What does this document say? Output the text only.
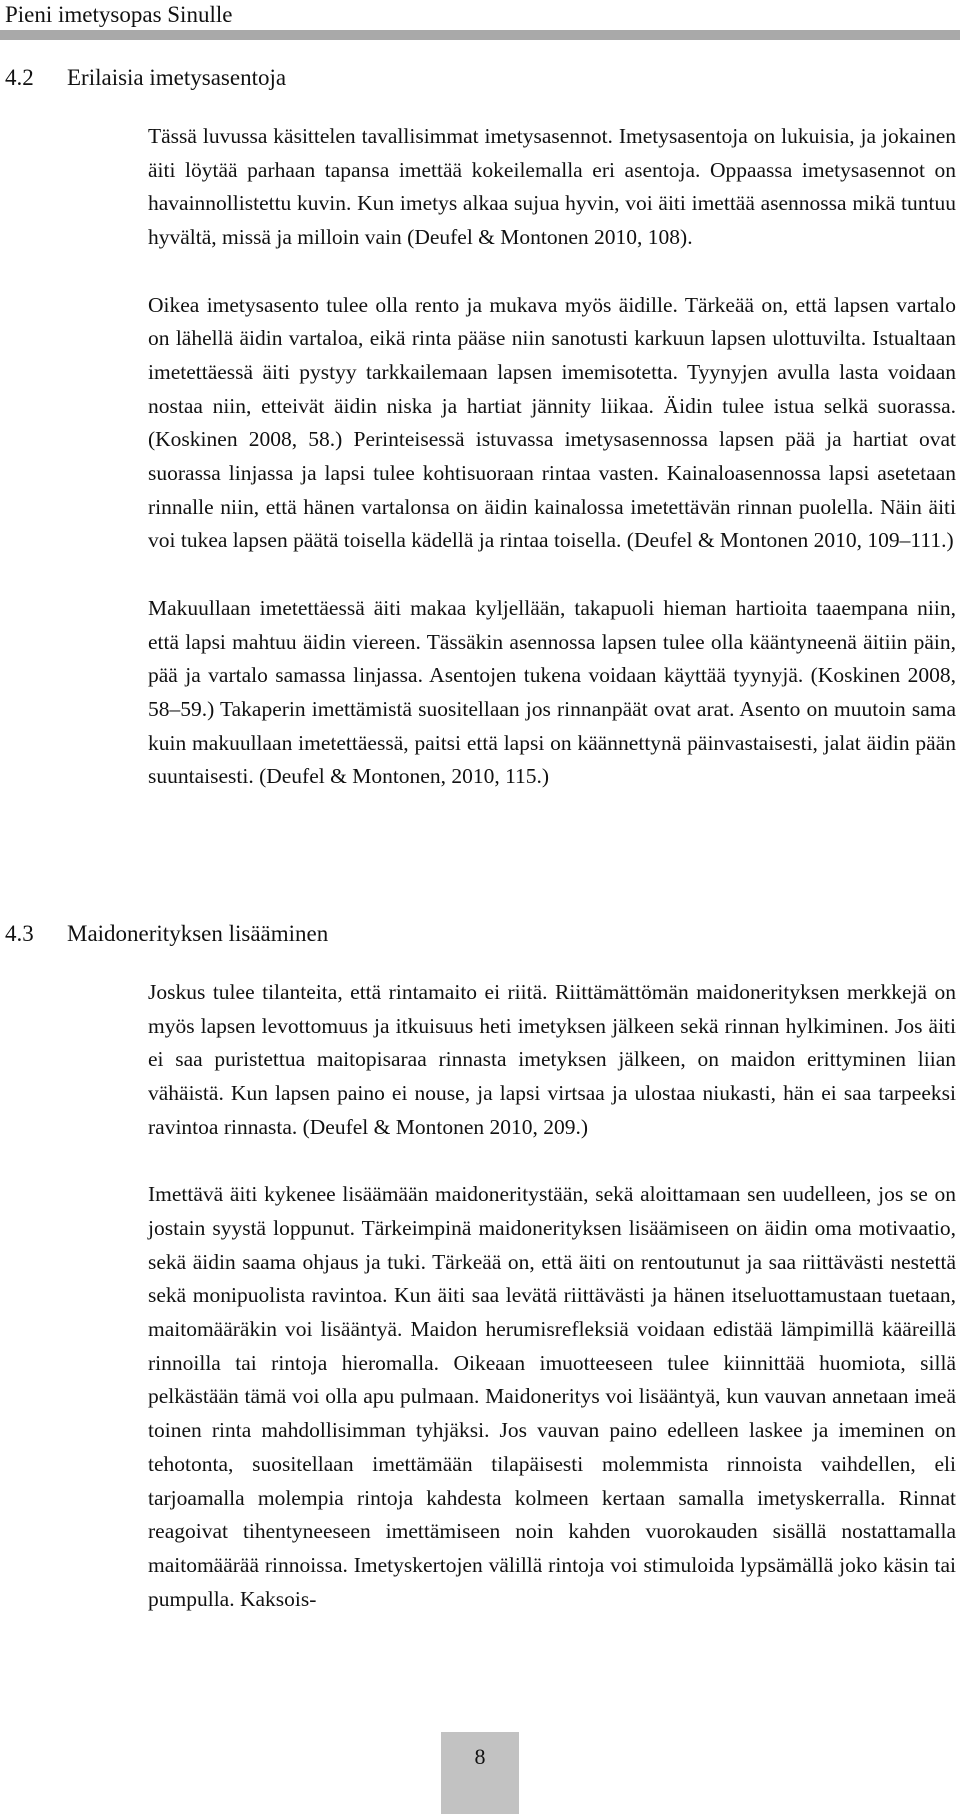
Pieni imetysopas Sinulle
4.2 Erilaisia imetysasentoja

Tässä luvussa käsittelen tavallisimmat imetysasennot. Imetysasentoja on lukuisia, ja jokainen äiti löytää parhaan tapansa imettää kokeilemalla eri asentoja. Oppaassa imetysasennot on havainnollistettu kuvin. Kun imetys alkaa sujua hyvin, voi äiti imettää asennossa mikä tuntuu hyvältä, missä ja milloin vain (Deufel & Montonen 2010, 108).

Oikea imetysasento tulee olla rento ja mukava myös äidille. Tärkeää on, että lapsen vartalo on lähellä äidin vartaloa, eikä rinta pääse niin sanotusti karkuun lapsen ulottuvilta. Istualtaan imetettäessä äiti pystyy tarkkailemaan lapsen imemisotetta. Tyynyjen avulla lasta voidaan nostaa niin, etteivät äidin niska ja hartiat jännity liikaa. Äidin tulee istua selkä suorassa. (Koskinen 2008, 58.) Perinteisessä istuvassa imetysasennossa lapsen pää ja hartiat ovat suorassa linjassa ja lapsi tulee kohtisuoraan rintaa vasten. Kainaloasennossa lapsi asetetaan rinnalle niin, että hänen vartalonsa on äidin kainalossa imetettävän rinnan puolella. Näin äiti voi tukea lapsen päätä toisella kädellä ja rintaa toisella. (Deufel & Montonen 2010, 109–111.)

Makuullaan imetettäessä äiti makaa kyljellään, takapuoli hieman hartioita taaempana niin, että lapsi mahtuu äidin viereen. Tässäkin asennossa lapsen tulee olla kääntyneenä äitiin päin, pää ja vartalo samassa linjassa. Asentojen tukena voidaan käyttää tyynyjä. (Koskinen 2008, 58–59.) Takaperin imettämistä suositellaan jos rinnanpäät ovat arat. Asento on muutoin sama kuin makuullaan imetettäessä, paitsi että lapsi on käännettynä päinvastaisesti, jalat äidin pään suuntaisesti. (Deufel & Montonen, 2010, 115.)

4.3 Maidonerityksen lisääminen

Joskus tulee tilanteita, että rintamaito ei riitä. Riittämättömän maidonerityksen merkkejä on myös lapsen levottomuus ja itkuisuus heti imetyksen jälkeen sekä rinnan hylkiminen. Jos äiti ei saa puristettua maitopisaraa rinnasta imetyksen jälkeen, on maidon erittyminen liian vähäistä. Kun lapsen paino ei nouse, ja lapsi virtsaa ja ulostaa niukasti, hän ei saa tarpeeksi ravintoa rinnasta. (Deufel & Montonen 2010, 209.)

Imettävä äiti kykenee lisäämään maidoneritystään, sekä aloittamaan sen uudelleen, jos se on jostain syystä loppunut. Tärkeimpinä maidonerityksen lisäämiseen on äidin oma motivaatio, sekä äidin saama ohjaus ja tuki. Tärkeää on, että äiti on rentoutunut ja saa riittävästi nestettä sekä monipuolista ravintoa. Kun äiti saa levätä riittävästi ja hänen itseluottamustaan tuetaan, maitomääräkin voi lisääntyä. Maidon herumisrefleksiä voidaan edistää lämpimillä kääreillä rinnoilla tai rintoja hieromalla. Oikeaan imuotteeseen tulee kiinnittää huomiota, sillä pelkästään tämä voi olla apu pulmaan. Maidoneritys voi lisääntyä, kun vauvan annetaan imeä toinen rinta mahdollisimman tyhjäksi. Jos vauvan paino edelleen laskee ja imeminen on tehotonta, suositellaan imettämään tilapäisesti molemmista rinnoista vaihdellen, eli tarjoamalla molempia rintoja kahdesta kolmeen kertaan samalla imetyskerralla. Rinnat reagoivat tihentyneeseen imettämiseen noin kahden vuorokauden sisällä nostattamalla maitomäärää rinnoissa. Imetyskertojen välillä rintoja voi stimuloida lypsämällä joko käsin tai pumpulla. Kaksois-

8
